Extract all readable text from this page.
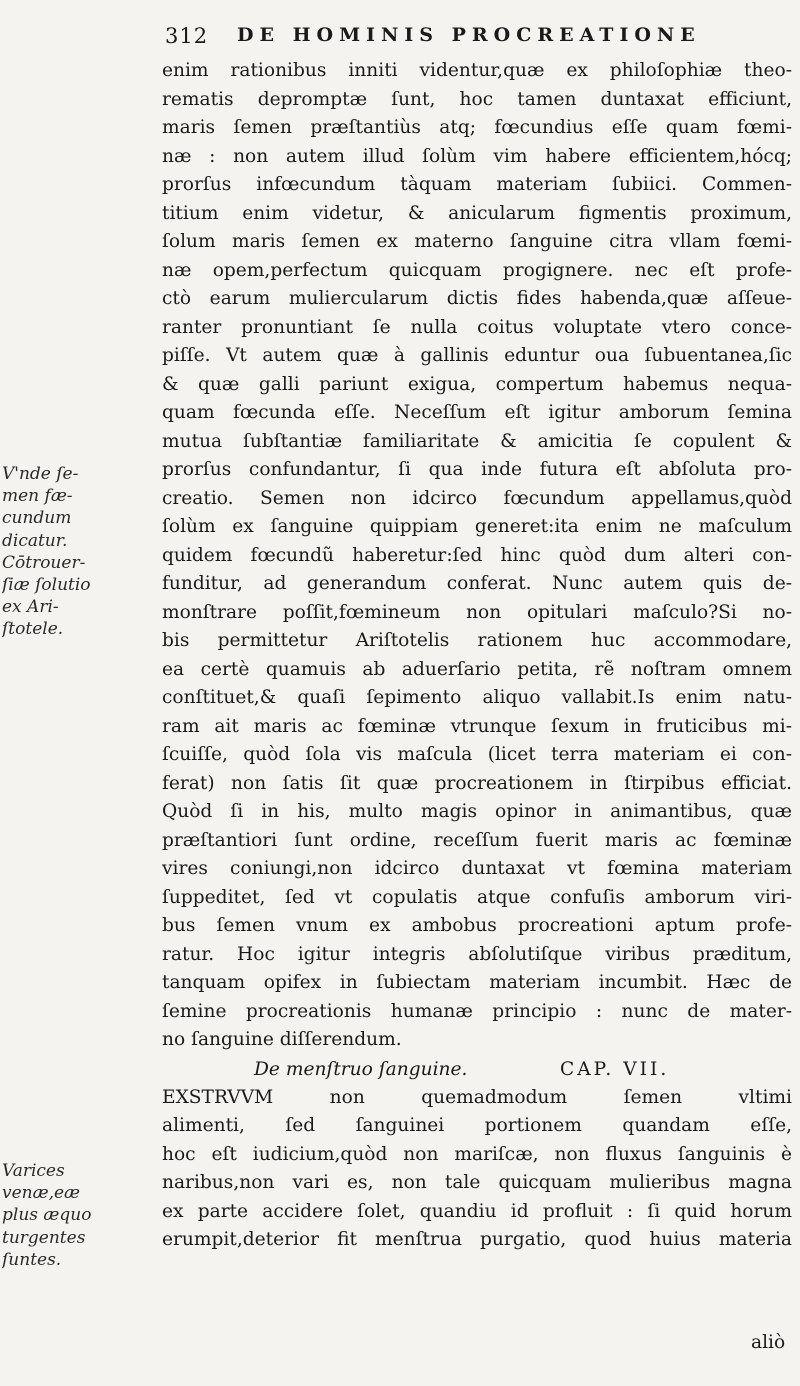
312 DE HOMINIS PROCREATIONE
enim rationibus inniti videntur,quæ ex philoſophiæ theo-
rematis depromptæ ſunt, hoc tamen duntaxat efficiunt,
maris ſemen præſtantiùs atq; fœcundius eſſe quam fœmi-
næ : non autem illud ſolùm vim habere efficientem,hócq;
prorſus infœcundum tàquam materiam ſubiici. Commen-
titium enim videtur, & anicularum figmentis proximum,
ſolum maris ſemen ex materno ſanguine citra vllam fœmi-
næ opem,perfectum quicquam progignere. nec eſt profe-
ctò earum muliercularum dictis fides habenda,quæ aſſeue-
ranter pronuntiant ſe nulla coitus voluptate vtero conce-
piſſe. Vt autem quæ à gallinis eduntur oua ſubuentanea,ſic
& quæ galli pariunt exigua, compertum habemus nequa-
quam fœcunda eſſe. Neceſſum eſt igitur amborum ſemina
mutua ſubſtantiæ familiaritate & amicitia ſe copulent &
prorſus confundantur, ſi qua inde futura eſt abſoluta pro-
creatio. Semen non idcirco fœcundum appellamus,quòd
ſolùm ex ſanguine quippiam generet:ita enim ne maſculum
quidem fœcundũ haberetur:ſed hinc quòd dum alteri con-
funditur, ad generandum conferat. Nunc autem quis de-
monſtrare poſſit,fœmineum non opitulari maſculo?Si no-
bis permittetur Ariſtotelis rationem huc accommodare,
ea certè quamuis ab aduerſario petita, rẽ noſtram omnem
conſtituet,& quaſi ſepimento aliquo vallabit.Is enim natu-
ram ait maris ac fœminæ vtrunque ſexum in fruticibus mi-
ſcuiſſe, quòd ſola vis maſcula (licet terra materiam ei con-
ferat) non ſatis ſit quæ procreationem in ſtirpibus efficiat.
Quòd ſi in his, multo magis opinor in animantibus, quæ
præſtantiori ſunt ordine, receſſum fuerit maris ac fœminæ
vires coniungi,non idcirco duntaxat vt fœmina materiam
ſuppeditet, ſed vt copulatis atque confuſis amborum viri-
bus ſemen vnum ex ambobus procreationi aptum profe-
ratur. Hoc igitur integris abſolutiſque viribus præditum,
tanquam opifex in ſubiectam materiam incumbit. Hæc de
ſemine procreationis humanæ principio : nunc de mater-
no ſanguine diſſerendum.
De menſtruo ſanguine.	CAP. VII.
EXSTRVVM non quemadmodum ſemen vltimi
alimenti, ſed ſanguinei portionem quandam eſſe,
hoc eſt iudicium,quòd non mariſcæ, non fluxus ſanguinis è
naribus,non vari es, non tale quicquam mulieribus magna
ex parte accidere ſolet, quandiu id profluit : ſi quid horum
erumpit,deterior fit menſtrua purgatio, quod huius materia
V'nde ſe-
men fæ-
cundum
dicatur.
Cōtrouer-
ſiæ ſolutio
ex Ari-
ſtotele.
Varices
venæ,eæ
plus æquo
turgentes
ſuntes.
aliò
